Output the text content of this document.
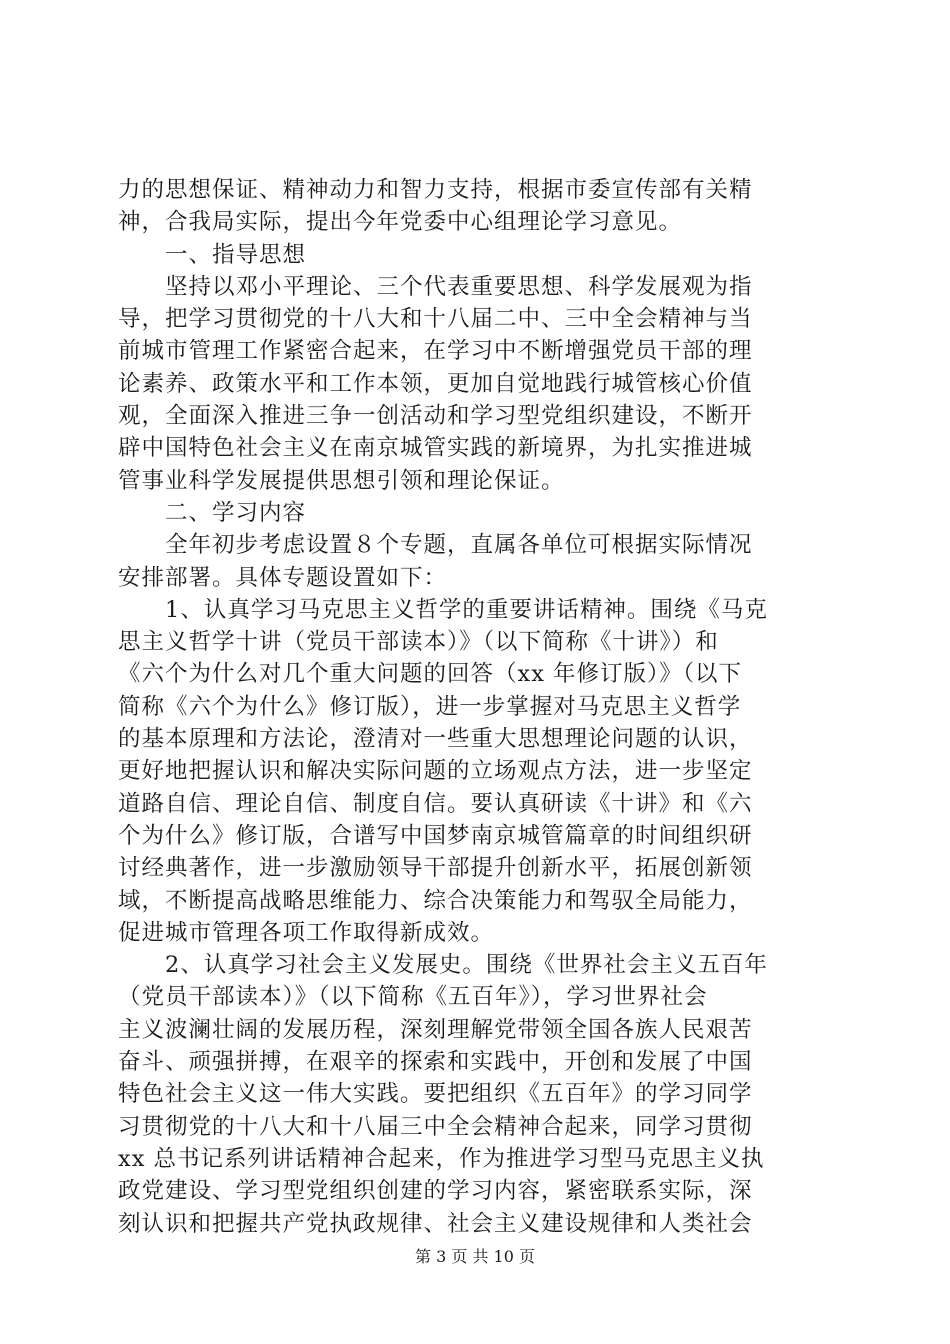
力的思想保证、精神动力和智力支持，根据市委宣传部有关精
神，合我局实际，提出今年党委中心组理论学习意见。
　　一、指导思想
　　坚持以邓小平理论、三个代表重要思想、科学发展观为指
导，把学习贯彻党的十八大和十八届二中、三中全会精神与当
前城市管理工作紧密合起来，在学习中不断增强党员干部的理
论素养、政策水平和工作本领，更加自觉地践行城管核心价值
观，全面深入推进三争一创活动和学习型党组织建设，不断开
辟中国特色社会主义在南京城管实践的新境界，为扎实推进城
管事业科学发展提供思想引领和理论保证。
　　二、学习内容
　　全年初步考虑设置８个专题，直属各单位可根据实际情况
安排部署。具体专题设置如下：
　　1、认真学习马克思主义哲学的重要讲话精神。围绕《马克
思主义哲学十讲（党员干部读本）》（以下简称《十讲》）和
《六个为什么对几个重大问题的回答（xx 年修订版）》（以下
简称《六个为什么》修订版），进一步掌握对马克思主义哲学
的基本原理和方法论，澄清对一些重大思想理论问题的认识，
更好地把握认识和解决实际问题的立场观点方法，进一步坚定
道路自信、理论自信、制度自信。要认真研读《十讲》和《六
个为什么》修订版，合谱写中国梦南京城管篇章的时间组织研
讨经典著作，进一步激励领导干部提升创新水平，拓展创新领
域，不断提高战略思维能力、综合决策能力和驾驭全局能力，
促进城市管理各项工作取得新成效。
　　2、认真学习社会主义发展史。围绕《世界社会主义五百年
（党员干部读本）》（以下简称《五百年》），学习世界社会
主义波澜壮阔的发展历程，深刻理解党带领全国各族人民艰苦
奋斗、顽强拼搏，在艰辛的探索和实践中，开创和发展了中国
特色社会主义这一伟大实践。要把组织《五百年》的学习同学
习贯彻党的十八大和十八届三中全会精神合起来，同学习贯彻
xx 总书记系列讲话精神合起来，作为推进学习型马克思主义执
政党建设、学习型党组织创建的学习内容，紧密联系实际，深
刻认识和把握共产党执政规律、社会主义建设规律和人类社会
第 3 页 共 10 页
